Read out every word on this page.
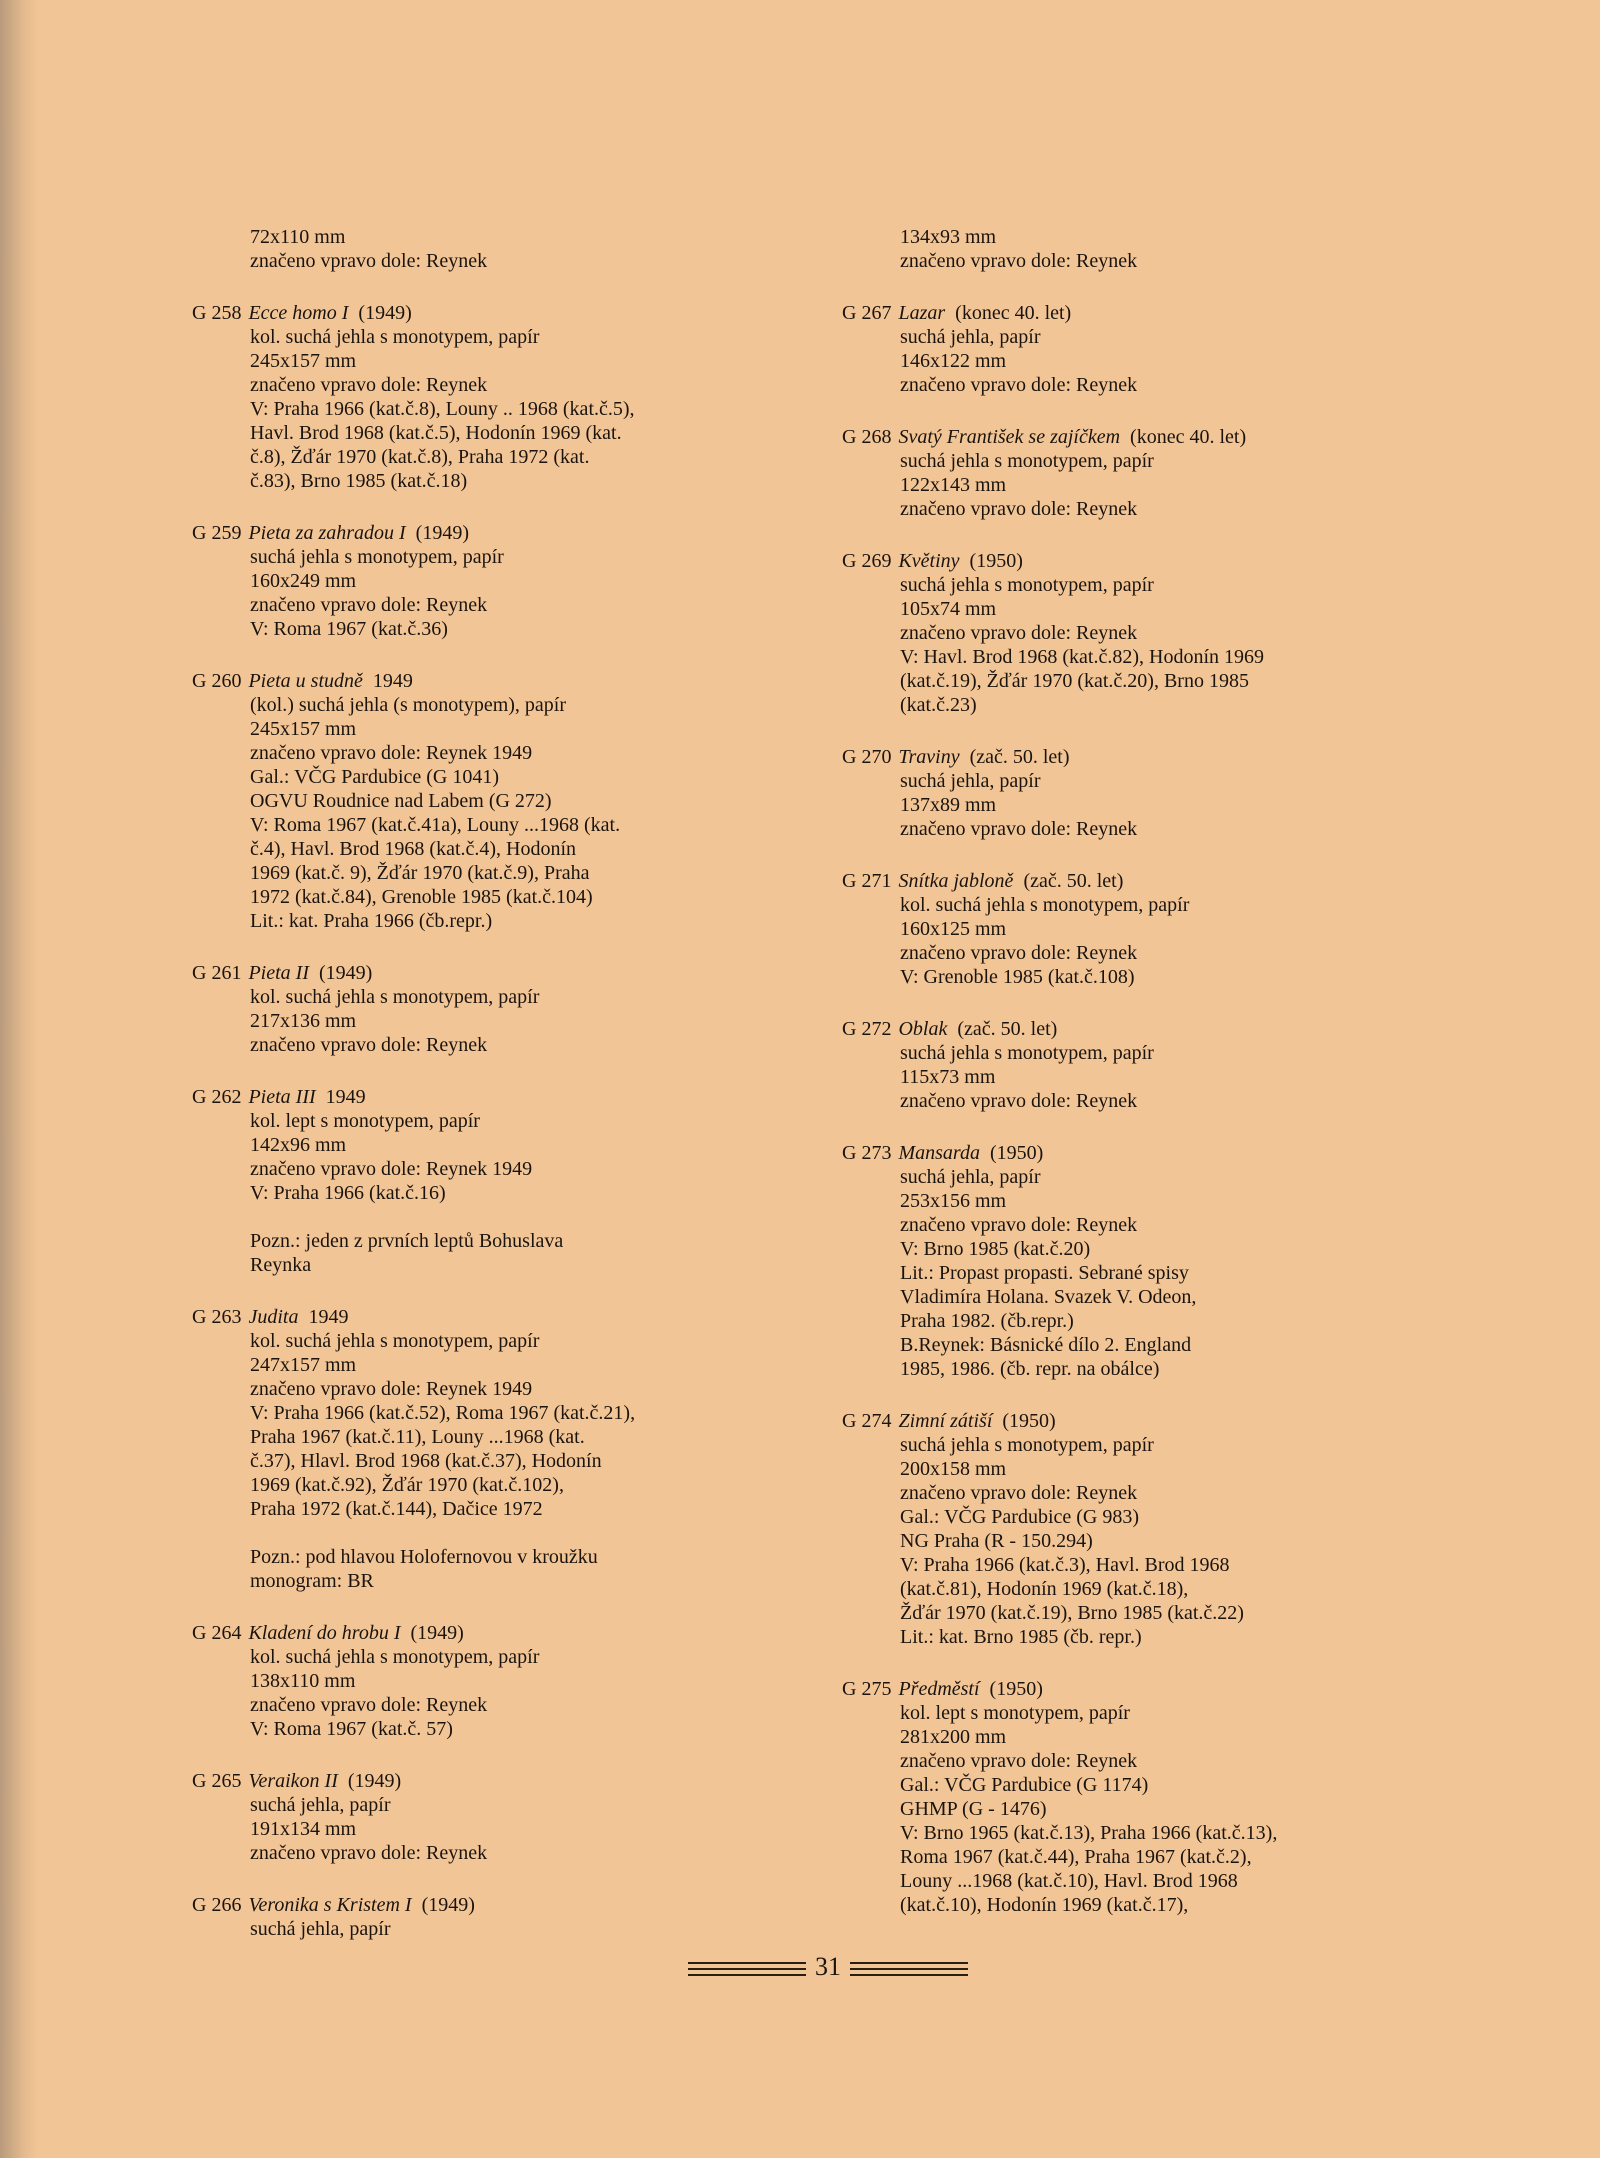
72x110 mm
značeno vpravo dole: Reynek
G 258 Ecce homo I (1949)
kol. suchá jehla s monotypem, papír
245x157 mm
značeno vpravo dole: Reynek
V: Praha 1966 (kat.č.8), Louny .. 1968 (kat.č.5),
Havl. Brod 1968 (kat.č.5), Hodonín 1969 (kat.
č.8), Žďár 1970 (kat.č.8), Praha 1972 (kat.
č.83), Brno 1985 (kat.č.18)
G 259 Pieta za zahradou I (1949)
suchá jehla s monotypem, papír
160x249 mm
značeno vpravo dole: Reynek
V: Roma 1967 (kat.č.36)
G 260 Pieta u studně 1949
(kol.) suchá jehla (s monotypem), papír
245x157 mm
značeno vpravo dole: Reynek 1949
Gal.: VČG Pardubice (G 1041)
OGVU Roudnice nad Labem (G 272)
V: Roma 1967 (kat.č.41a), Louny ...1968 (kat.
č.4), Havl. Brod 1968 (kat.č.4), Hodonín
1969 (kat.č. 9), Žďár 1970 (kat.č.9), Praha
1972 (kat.č.84), Grenoble 1985 (kat.č.104)
Lit.: kat. Praha 1966 (čb.repr.)
G 261 Pieta II (1949)
kol. suchá jehla s monotypem, papír
217x136 mm
značeno vpravo dole: Reynek
G 262 Pieta III 1949
kol. lept s monotypem, papír
142x96 mm
značeno vpravo dole: Reynek 1949
V: Praha 1966 (kat.č.16)
Pozn.: jeden z prvních leptů Bohuslava
Reynka
G 263 Judita 1949
kol. suchá jehla s monotypem, papír
247x157 mm
značeno vpravo dole: Reynek 1949
V: Praha 1966 (kat.č.52), Roma 1967 (kat.č.21),
Praha 1967 (kat.č.11), Louny ...1968 (kat.
č.37), Hlavl. Brod 1968 (kat.č.37), Hodonín
1969 (kat.č.92), Žďár 1970 (kat.č.102),
Praha 1972 (kat.č.144), Dačice 1972
Pozn.: pod hlavou Holofernovou v kroužku
monogram: BR
G 264 Kladení do hrobu I (1949)
kol. suchá jehla s monotypem, papír
138x110 mm
značeno vpravo dole: Reynek
V: Roma 1967 (kat.č. 57)
G 265 Veraikon II (1949)
suchá jehla, papír
191x134 mm
značeno vpravo dole: Reynek
G 266 Veronika s Kristem I (1949)
suchá jehla, papír
134x93 mm
značeno vpravo dole: Reynek
G 267 Lazar (konec 40. let)
suchá jehla, papír
146x122 mm
značeno vpravo dole: Reynek
G 268 Svatý František se zajíčkem (konec 40. let)
suchá jehla s monotypem, papír
122x143 mm
značeno vpravo dole: Reynek
G 269 Květiny (1950)
suchá jehla s monotypem, papír
105x74 mm
značeno vpravo dole: Reynek
V: Havl. Brod 1968 (kat.č.82), Hodonín 1969
(kat.č.19), Žďár 1970 (kat.č.20), Brno 1985
(kat.č.23)
G 270 Traviny (zač. 50. let)
suchá jehla, papír
137x89 mm
značeno vpravo dole: Reynek
G 271 Snítka jabloně (zač. 50. let)
kol. suchá jehla s monotypem, papír
160x125 mm
značeno vpravo dole: Reynek
V: Grenoble 1985 (kat.č.108)
G 272 Oblak (zač. 50. let)
suchá jehla s monotypem, papír
115x73 mm
značeno vpravo dole: Reynek
G 273 Mansarda (1950)
suchá jehla, papír
253x156 mm
značeno vpravo dole: Reynek
V: Brno 1985 (kat.č.20)
Lit.: Propast propasti. Sebrané spisy
Vladimíra Holana. Svazek V. Odeon,
Praha 1982. (čb.repr.)
B.Reynek: Básnické dílo 2. England
1985, 1986. (čb. repr. na obálce)
G 274 Zimní zátiší (1950)
suchá jehla s monotypem, papír
200x158 mm
značeno vpravo dole: Reynek
Gal.: VČG Pardubice (G 983)
NG Praha (R - 150.294)
V: Praha 1966 (kat.č.3), Havl. Brod 1968
(kat.č.81), Hodonín 1969 (kat.č.18),
Žďár 1970 (kat.č.19), Brno 1985 (kat.č.22)
Lit.: kat. Brno 1985 (čb. repr.)
G 275 Předměstí (1950)
kol. lept s monotypem, papír
281x200 mm
značeno vpravo dole: Reynek
Gal.: VČG Pardubice (G 1174)
GHMP (G - 1476)
V: Brno 1965 (kat.č.13), Praha 1966 (kat.č.13),
Roma 1967 (kat.č.44), Praha 1967 (kat.č.2),
Louny ...1968 (kat.č.10), Havl. Brod 1968
(kat.č.10), Hodonín 1969 (kat.č.17),
31
